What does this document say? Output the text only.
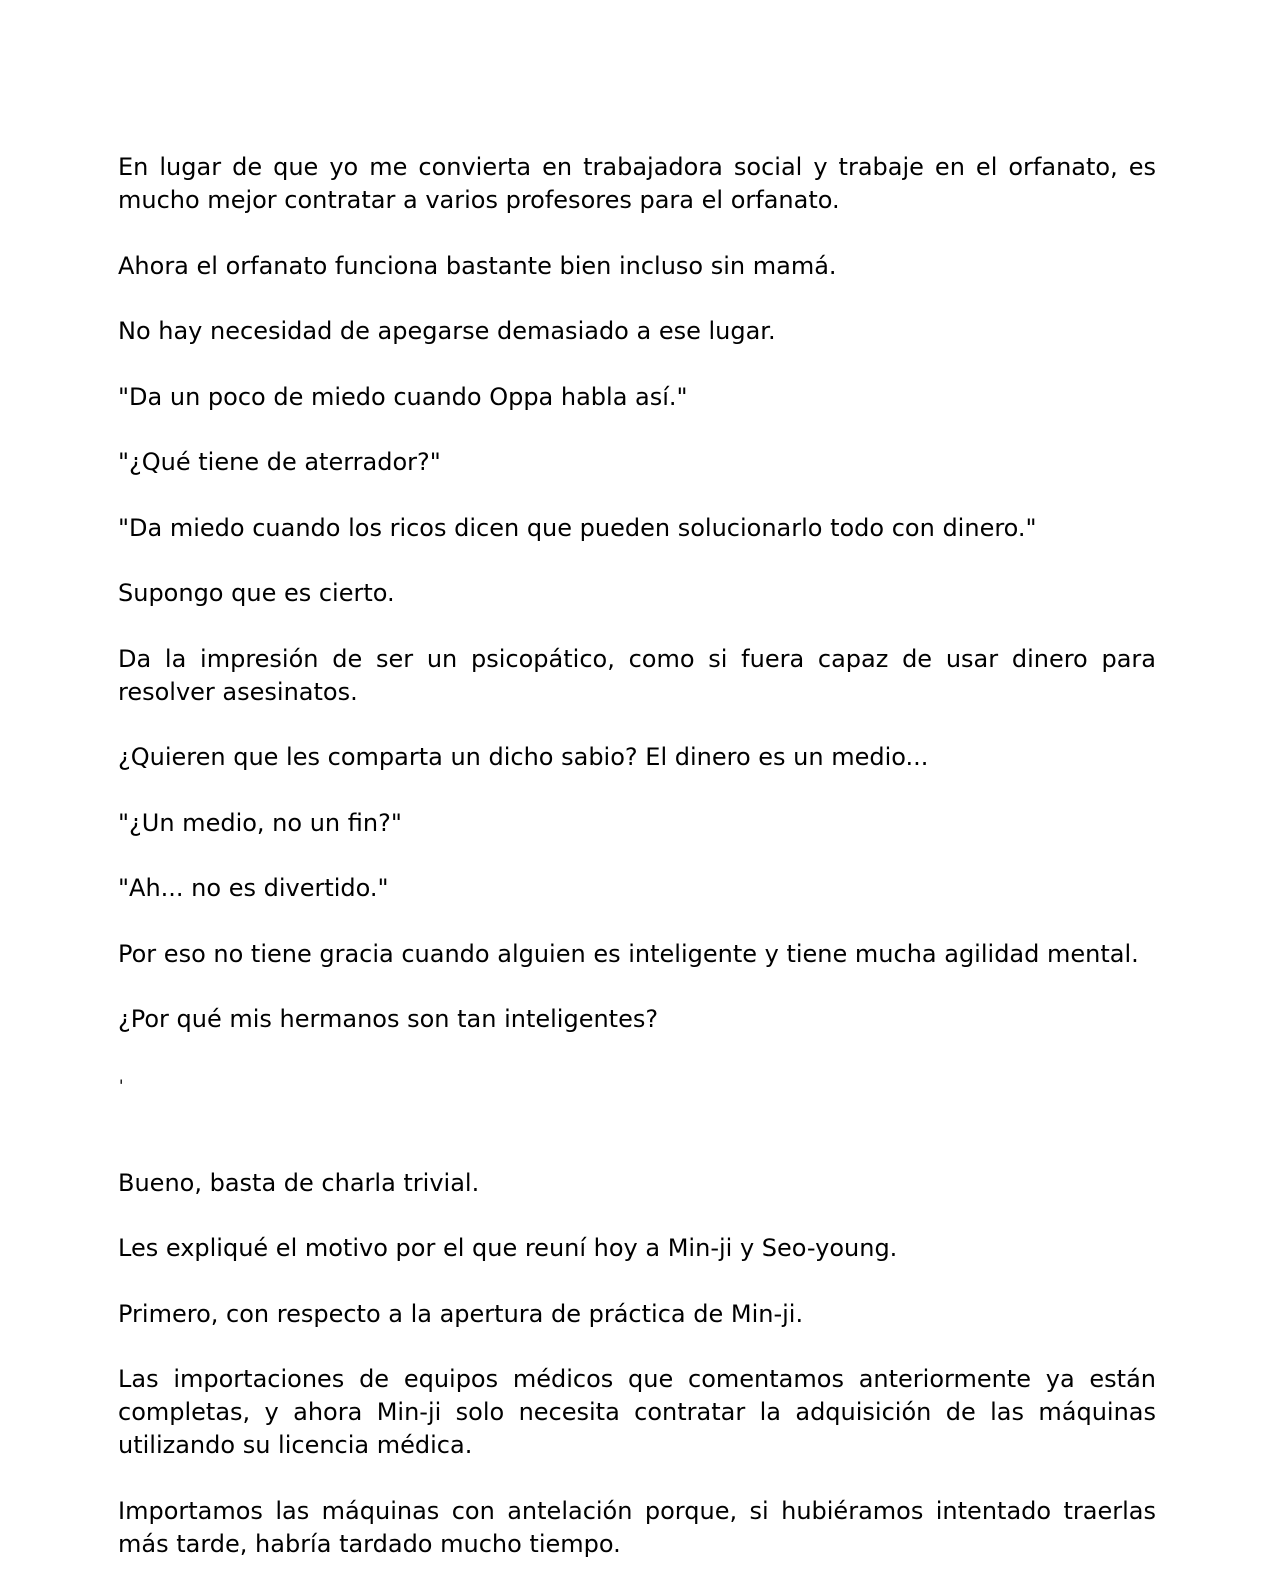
En lugar de que yo me convierta en trabajadora social y trabaje en el orfanato, es mucho mejor contratar a varios profesores para el orfanato.

Ahora el orfanato funciona bastante bien incluso sin mamá.

No hay necesidad de apegarse demasiado a ese lugar.

"Da un poco de miedo cuando Oppa habla así."

"¿Qué tiene de aterrador?"

"Da miedo cuando los ricos dicen que pueden solucionarlo todo con dinero."

Supongo que es cierto.

Da la impresión de ser un psicopático, como si fuera capaz de usar dinero para resolver asesinatos.

¿Quieren que les comparta un dicho sabio? El dinero es un medio...

"¿Un medio, no un fin?"

"Ah... no es divertido."

Por eso no tiene gracia cuando alguien es inteligente y tiene mucha agilidad mental.

¿Por qué mis hermanos son tan inteligentes?

'

Bueno, basta de charla trivial.

Les expliqué el motivo por el que reuní hoy a Min-ji y Seo-young.

Primero, con respecto a la apertura de práctica de Min-ji.

Las importaciones de equipos médicos que comentamos anteriormente ya están completas, y ahora Min-ji solo necesita contratar la adquisición de las máquinas utilizando su licencia médica.

Importamos las máquinas con antelación porque, si hubiéramos intentado traerlas más tarde, habría tardado mucho tiempo.
